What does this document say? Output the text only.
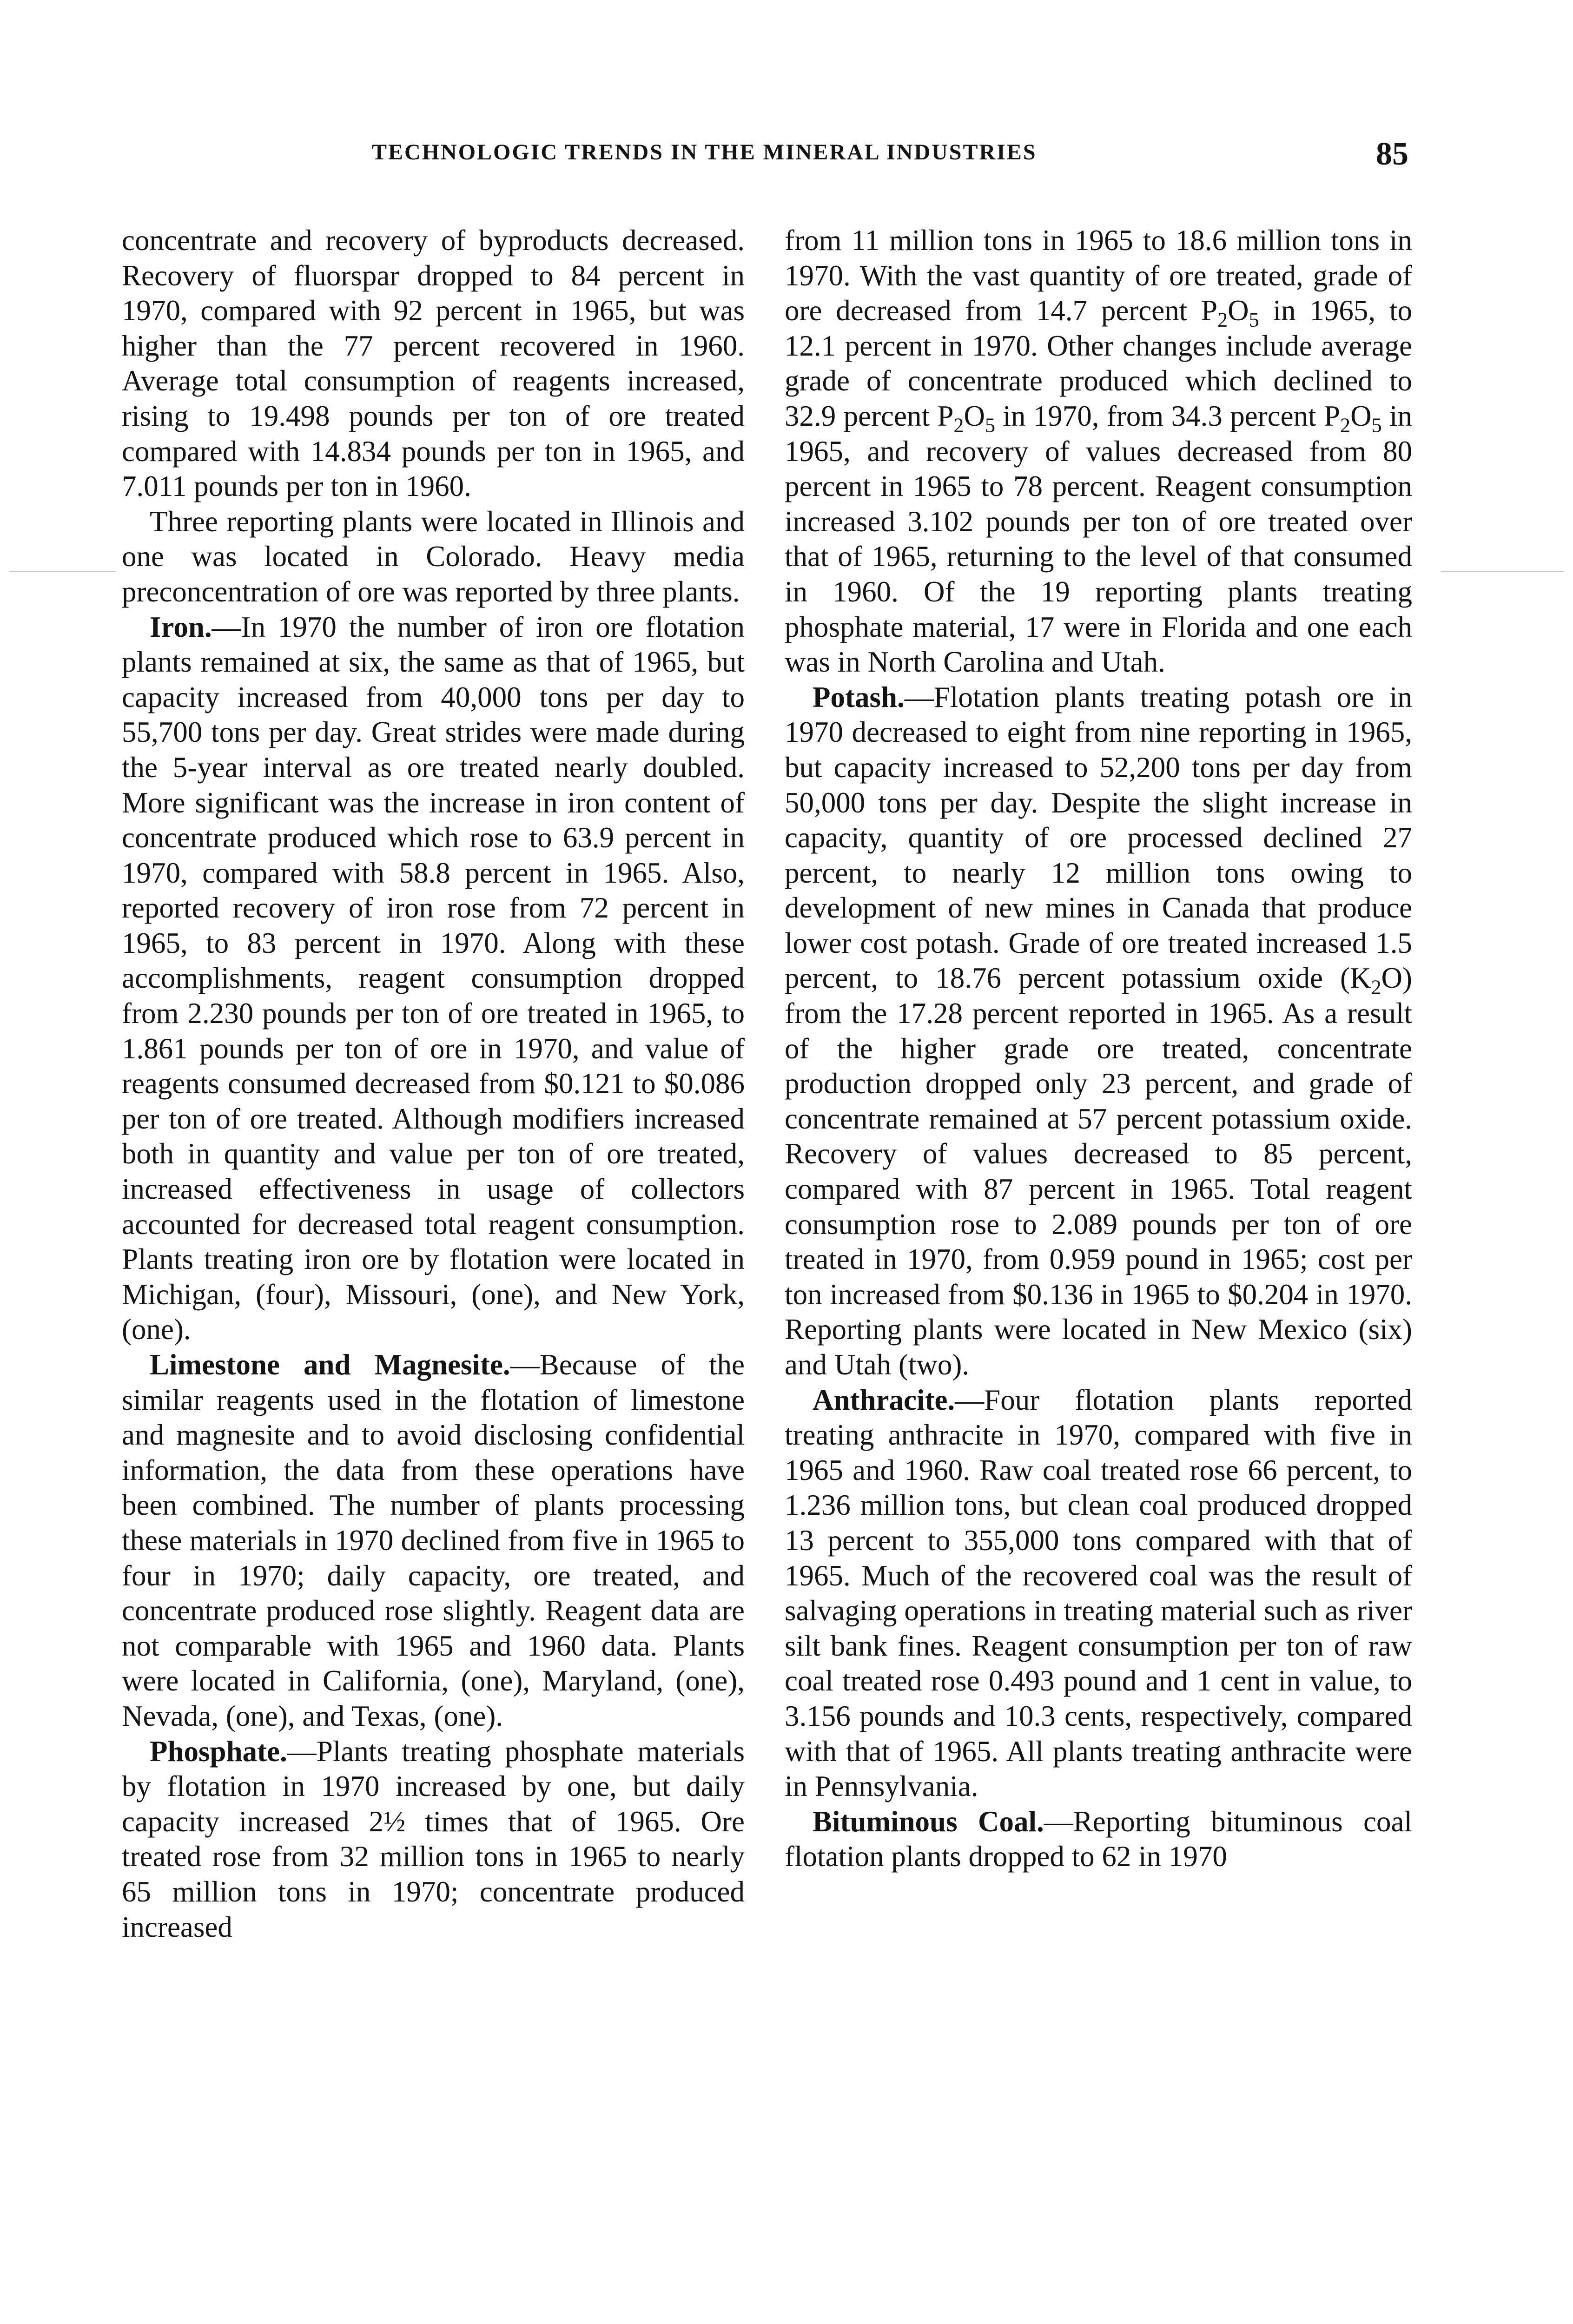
TECHNOLOGIC TRENDS IN THE MINERAL INDUSTRIES	85

concentrate and recovery of byproducts decreased. Recovery of fluorspar dropped to 84 percent in 1970, compared with 92 percent in 1965, but was higher than the 77 percent recovered in 1960. Average total consumption of reagents increased, rising to 19.498 pounds per ton of ore treated compared with 14.834 pounds per ton in 1965, and 7.011 pounds per ton in 1960.

Three reporting plants were located in Illinois and one was located in Colorado. Heavy media preconcentration of ore was reported by three plants.

Iron.—In 1970 the number of iron ore flotation plants remained at six, the same as that of 1965, but capacity increased from 40,000 tons per day to 55,700 tons per day. Great strides were made during the 5-year interval as ore treated nearly doubled. More significant was the increase in iron content of concentrate produced which rose to 63.9 percent in 1970, compared with 58.8 percent in 1965. Also, reported recovery of iron rose from 72 percent in 1965, to 83 percent in 1970. Along with these accomplishments, reagent consumption dropped from 2.230 pounds per ton of ore treated in 1965, to 1.861 pounds per ton of ore in 1970, and value of reagents consumed decreased from $0.121 to $0.086 per ton of ore treated. Although modifiers increased both in quantity and value per ton of ore treated, increased effectiveness in usage of collectors accounted for decreased total reagent consumption. Plants treating iron ore by flotation were located in Michigan, (four), Missouri, (one), and New York, (one).

Limestone and Magnesite.—Because of the similar reagents used in the flotation of limestone and magnesite and to avoid disclosing confidential information, the data from these operations have been combined. The number of plants processing these materials in 1970 declined from five in 1965 to four in 1970; daily capacity, ore treated, and concentrate produced rose slightly. Reagent data are not comparable with 1965 and 1960 data. Plants were located in California, (one), Maryland, (one), Nevada, (one), and Texas, (one).

Phosphate.—Plants treating phosphate materials by flotation in 1970 increased by one, but daily capacity increased 2½ times that of 1965. Ore treated rose from 32 million tons in 1965 to nearly 65 million tons in 1970; concentrate produced increased

from 11 million tons in 1965 to 18.6 million tons in 1970. With the vast quantity of ore treated, grade of ore decreased from 14.7 percent $P_2O_5$ in 1965, to 12.1 percent in 1970. Other changes include average grade of concentrate produced which declined to 32.9 percent $P_2O_5$ in 1970, from 34.3 percent $P_2O_5$ in 1965, and recovery of values decreased from 80 percent in 1965 to 78 percent. Reagent consumption increased 3.102 pounds per ton of ore treated over that of 1965, returning to the level of that consumed in 1960. Of the 19 reporting plants treating phosphate material, 17 were in Florida and one each was in North Carolina and Utah.

Potash.—Flotation plants treating potash ore in 1970 decreased to eight from nine reporting in 1965, but capacity increased to 52,200 tons per day from 50,000 tons per day. Despite the slight increase in capacity, quantity of ore processed declined 27 percent, to nearly 12 million tons owing to development of new mines in Canada that produce lower cost potash. Grade of ore treated increased 1.5 percent, to 18.76 percent potassium oxide $(K_2O)$ from the 17.28 percent reported in 1965. As a result of the higher grade ore treated, concentrate production dropped only 23 percent, and grade of concentrate remained at 57 percent potassium oxide. Recovery of values decreased to 85 percent, compared with 87 percent in 1965. Total reagent consumption rose to 2.089 pounds per ton of ore treated in 1970, from 0.959 pound in 1965; cost per ton increased from $0.136 in 1965 to $0.204 in 1970. Reporting plants were located in New Mexico (six) and Utah (two).

Anthracite.—Four flotation plants reported treating anthracite in 1970, compared with five in 1965 and 1960. Raw coal treated rose 66 percent, to 1.236 million tons, but clean coal produced dropped 13 percent to 355,000 tons compared with that of 1965. Much of the recovered coal was the result of salvaging operations in treating material such as river silt bank fines. Reagent consumption per ton of raw coal treated rose 0.493 pound and 1 cent in value, to 3.156 pounds and 10.3 cents, respectively, compared with that of 1965. All plants treating anthracite were in Pennsylvania.

Bituminous Coal.—Reporting bituminous coal flotation plants dropped to 62 in 1970
